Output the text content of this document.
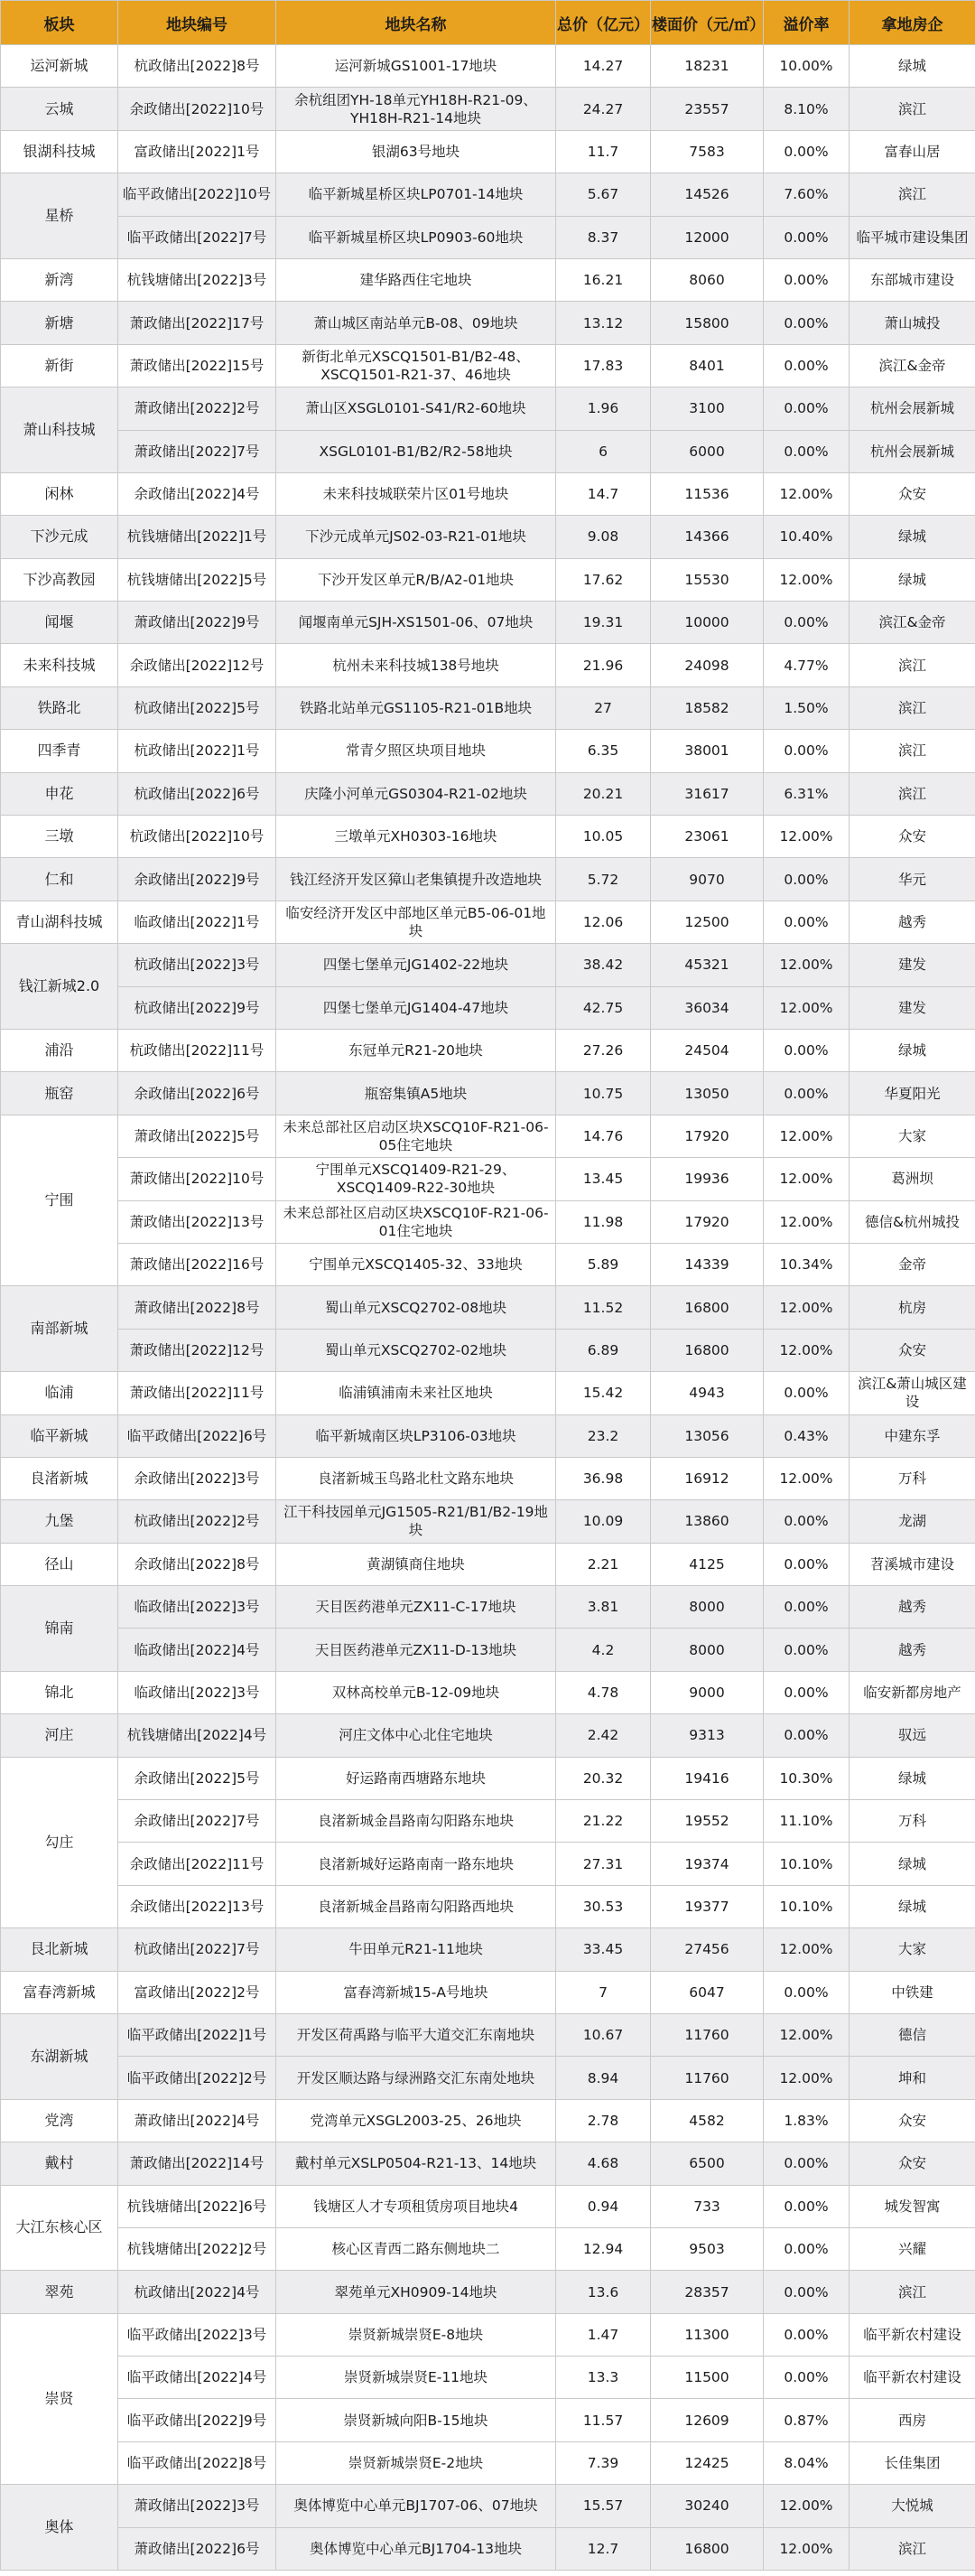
板块	地块编号	地块名称	总价（亿元）	楼面价（元/㎡）	溢价率	拿地房企
运河新城	杭政储出[2022]8号	运河新城GS1001-17地块	14.27	18231	10.00%	绿城
云城	余政储出[2022]10号	余杭组团YH-18单元YH18H-R21-09、YH18H-R21-14地块	24.27	23557	8.10%	滨江
银湖科技城	富政储出[2022]1号	银湖63号地块	11.7	7583	0.00%	富春山居
星桥	临平政储出[2022]10号	临平新城星桥区块LP0701-14地块	5.67	14526	7.60%	滨江
	临平政储出[2022]7号	临平新城星桥区块LP0903-60地块	8.37	12000	0.00%	临平城市建设集团
新湾	杭钱塘储出[2022]3号	建华路西住宅地块	16.21	8060	0.00%	东部城市建设
新塘	萧政储出[2022]17号	萧山城区南站单元B-08、09地块	13.12	15800	0.00%	萧山城投
新街	萧政储出[2022]15号	新街北单元XSCQ1501-B1/B2-48、XSCQ1501-R21-37、46地块	17.83	8401	0.00%	滨江&金帝
萧山科技城	萧政储出[2022]2号	萧山区XSGL0101-S41/R2-60地块	1.96	3100	0.00%	杭州会展新城
	萧政储出[2022]7号	XSGL0101-B1/B2/R2-58地块	6	6000	0.00%	杭州会展新城
闲林	余政储出[2022]4号	未来科技城联荣片区01号地块	14.7	11536	12.00%	众安
下沙元成	杭钱塘储出[2022]1号	下沙元成单元JS02-03-R21-01地块	9.08	14366	10.40%	绿城
下沙高教园	杭钱塘储出[2022]5号	下沙开发区单元R/B/A2-01地块	17.62	15530	12.00%	绿城
闻堰	萧政储出[2022]9号	闻堰南单元SJH-XS1501-06、07地块	19.31	10000	0.00%	滨江&金帝
未来科技城	余政储出[2022]12号	杭州未来科技城138号地块	21.96	24098	4.77%	滨江
铁路北	杭政储出[2022]5号	铁路北站单元GS1105-R21-01B地块	27	18582	1.50%	滨江
四季青	杭政储出[2022]1号	常青夕照区块项目地块	6.35	38001	0.00%	滨江
申花	杭政储出[2022]6号	庆隆小河单元GS0304-R21-02地块	20.21	31617	6.31%	滨江
三墩	杭政储出[2022]10号	三墩单元XH0303-16地块	10.05	23061	12.00%	众安
仁和	余政储出[2022]9号	钱江经济开发区獐山老集镇提升改造地块	5.72	9070	0.00%	华元
青山湖科技城	临政储出[2022]1号	临安经济开发区中部地区单元B5-06-01地块	12.06	12500	0.00%	越秀
钱江新城2.0	杭政储出[2022]3号	四堡七堡单元JG1402-22地块	38.42	45321	12.00%	建发
	杭政储出[2022]9号	四堡七堡单元JG1404-47地块	42.75	36034	12.00%	建发
浦沿	杭政储出[2022]11号	东冠单元R21-20地块	27.26	24504	0.00%	绿城
瓶窑	余政储出[2022]6号	瓶窑集镇A5地块	10.75	13050	0.00%	华夏阳光
宁围	萧政储出[2022]5号	未来总部社区启动区块XSCQ10F-R21-06-05住宅地块	14.76	17920	12.00%	大家
	萧政储出[2022]10号	宁围单元XSCQ1409-R21-29、XSCQ1409-R22-30地块	13.45	19936	12.00%	葛洲坝
	萧政储出[2022]13号	未来总部社区启动区块XSCQ10F-R21-06-01住宅地块	11.98	17920	12.00%	德信&杭州城投
	萧政储出[2022]16号	宁围单元XSCQ1405-32、33地块	5.89	14339	10.34%	金帝
南部新城	萧政储出[2022]8号	蜀山单元XSCQ2702-08地块	11.52	16800	12.00%	杭房
	萧政储出[2022]12号	蜀山单元XSCQ2702-02地块	6.89	16800	12.00%	众安
临浦	萧政储出[2022]11号	临浦镇浦南未来社区地块	15.42	4943	0.00%	滨江&萧山城区建设
临平新城	临平政储出[2022]6号	临平新城南区块LP3106-03地块	23.2	13056	0.43%	中建东孚
良渚新城	余政储出[2022]3号	良渚新城玉鸟路北杜文路东地块	36.98	16912	12.00%	万科
九堡	杭政储出[2022]2号	江干科技园单元JG1505-R21/B1/B2-19地块	10.09	13860	0.00%	龙湖
径山	余政储出[2022]8号	黄湖镇商住地块	2.21	4125	0.00%	苕溪城市建设
锦南	临政储出[2022]3号	天目医药港单元ZX11-C-17地块	3.81	8000	0.00%	越秀
	临政储出[2022]4号	天目医药港单元ZX11-D-13地块	4.2	8000	0.00%	越秀
锦北	临政储出[2022]3号	双林高校单元B-12-09地块	4.78	9000	0.00%	临安新都房地产
河庄	杭钱塘储出[2022]4号	河庄文体中心北住宅地块	2.42	9313	0.00%	驭远
勾庄	余政储出[2022]5号	好运路南西塘路东地块	20.32	19416	10.30%	绿城
	余政储出[2022]7号	良渚新城金昌路南勾阳路东地块	21.22	19552	11.10%	万科
	余政储出[2022]11号	良渚新城好运路南南一路东地块	27.31	19374	10.10%	绿城
	余政储出[2022]13号	良渚新城金昌路南勾阳路西地块	30.53	19377	10.10%	绿城
艮北新城	杭政储出[2022]7号	牛田单元R21-11地块	33.45	27456	12.00%	大家
富春湾新城	富政储出[2022]2号	富春湾新城15-A号地块	7	6047	0.00%	中铁建
东湖新城	临平政储出[2022]1号	开发区荷禹路与临平大道交汇东南地块	10.67	11760	12.00%	德信
	临平政储出[2022]2号	开发区顺达路与绿洲路交汇东南处地块	8.94	11760	12.00%	坤和
党湾	萧政储出[2022]4号	党湾单元XSGL2003-25、26地块	2.78	4582	1.83%	众安
戴村	萧政储出[2022]14号	戴村单元XSLP0504-R21-13、14地块	4.68	6500	0.00%	众安
大江东核心区	杭钱塘储出[2022]6号	钱塘区人才专项租赁房项目地块4	0.94	733	0.00%	城发智寓
	杭钱塘储出[2022]2号	核心区青西二路东侧地块二	12.94	9503	0.00%	兴耀
翠苑	杭政储出[2022]4号	翠苑单元XH0909-14地块	13.6	28357	0.00%	滨江
崇贤	临平政储出[2022]3号	崇贤新城崇贤E-8地块	1.47	11300	0.00%	临平新农村建设
	临平政储出[2022]4号	崇贤新城崇贤E-11地块	13.3	11500	0.00%	临平新农村建设
	临平政储出[2022]9号	崇贤新城向阳B-15地块	11.57	12609	0.87%	西房
	临平政储出[2022]8号	崇贤新城崇贤E-2地块	7.39	12425	8.04%	长佳集团
奥体	萧政储出[2022]3号	奥体博览中心单元BJ1707-06、07地块	15.57	30240	12.00%	大悦城
	萧政储出[2022]6号	奥体博览中心单元BJ1704-13地块	12.7	16800	12.00%	滨江
